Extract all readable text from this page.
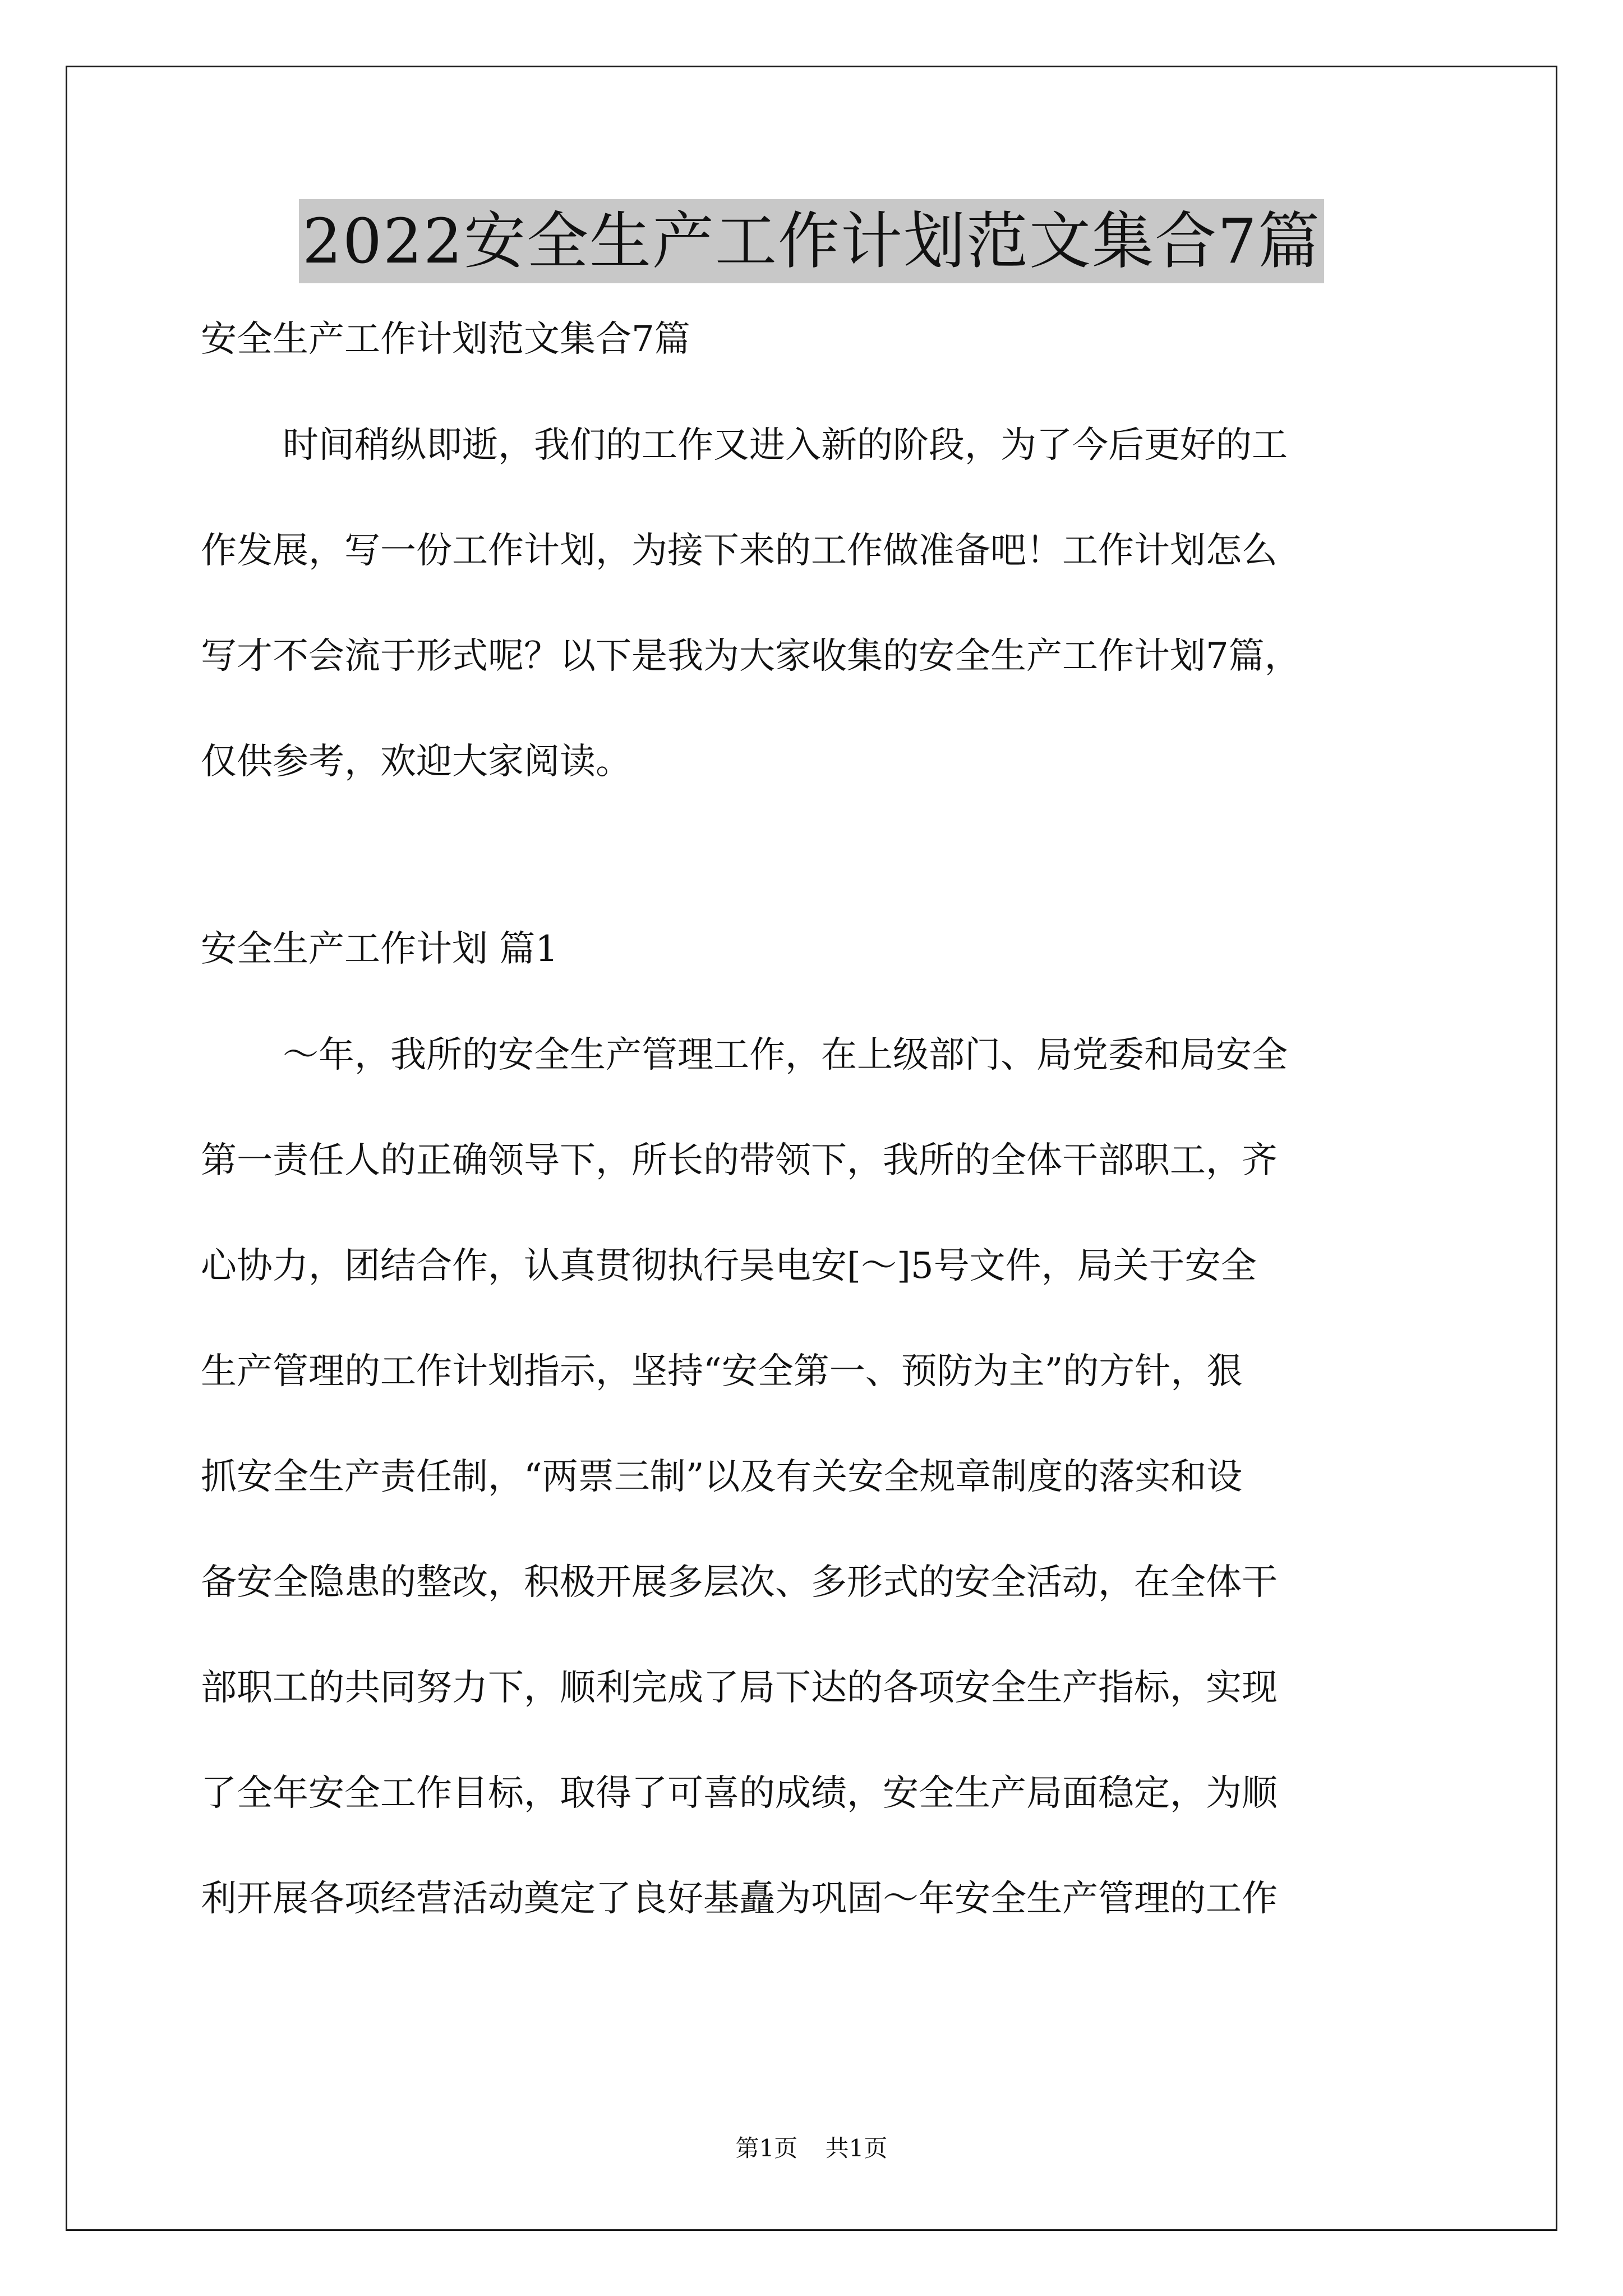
2022安全生产工作计划范文集合7篇

安全生产工作计划范文集合7篇

时间稍纵即逝，我们的工作又进入新的阶段，为了今后更好的工
作发展，写一份工作计划，为接下来的工作做准备吧！工作计划怎么
写才不会流于形式呢？以下是我为大家收集的安全生产工作计划7篇，
仅供参考，欢迎大家阅读。

安全生产工作计划 篇1

～年，我所的安全生产管理工作，在上级部门、局党委和局安全
第一责任人的正确领导下，所长的带领下，我所的全体干部职工，齐
心协力，团结合作，认真贯彻执行吴电安[～]5号文件，局关于安全
生产管理的工作计划指示，坚持“安全第一、预防为主”的方针，狠
抓安全生产责任制，“两票三制”以及有关安全规章制度的落实和设
备安全隐患的整改，积极开展多层次、多形式的安全活动，在全体干
部职工的共同努力下，顺利完成了局下达的各项安全生产指标，实现
了全年安全工作目标，取得了可喜的成绩，安全生产局面稳定，为顺
利开展各项经营活动奠定了良好基矗为巩固～年安全生产管理的工作

第1页 共1页
